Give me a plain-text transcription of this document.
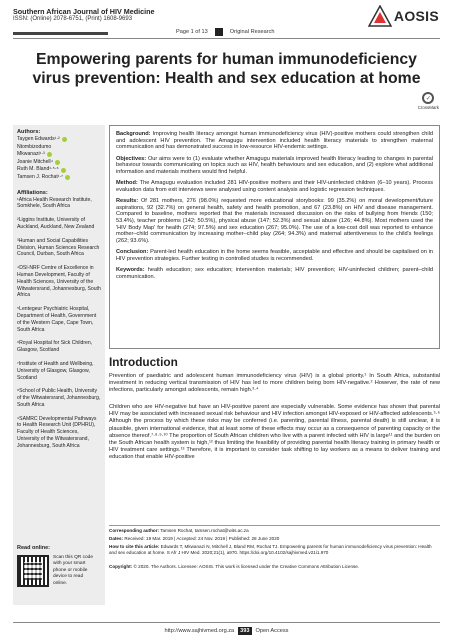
Southern African Journal of HIV Medicine
ISSN: (Online) 2078-6751, (Print) 1608-9693	AOSIS
Page 1 of 13	Original Research
Empowering parents for human immunodeficiency
virus prevention: Health and sex education at home
✓
CrossMark
Authors:
Taygen Edwards¹·²
Ntombizodumo
Mkwanazi¹·³
Joanie Mitchell⁴
Ruth M. Bland¹·⁵·⁶
Tamsen J. Rochat¹·⁷
Affiliations:
¹Africa Health Research Institute, Somkhele, South Africa
²Liggins Institute, University of Auckland, Auckland, New Zealand
³Human and Social Capabilities Division, Human Sciences Research Council, Durban, South Africa
⁴DSI-NRF Centre of Excellence in Human Development, Faculty of Health Sciences, University of the Witwatersrand, Johannesburg, South Africa
⁵Lentegeur Psychiatric Hospital, Department of Health, Government of the Western Cape, Cape Town, South Africa
⁶Royal Hospital for Sick Children, Glasgow, Scotland
⁷Institute of Health and Wellbeing, University of Glasgow, Glasgow, Scotland
⁸School of Public Health, University of the Witwatersrand, Johannesburg, South Africa
⁹SAMRC Developmental Pathways to Health Research Unit (DPHRU), Faculty of Health Sciences, University of the Witwatersrand, Johannesburg, South Africa
Read online:
Scan this QR code with your smart phone or mobile device to read online.

Background: Improving health literacy amongst human immunodeficiency virus (HIV)-positive mothers could strengthen child and adolescent HIV prevention. The Amagugu intervention included health literacy materials to strengthen maternal communication and has demonstrated success in low-resource HIV-endemic settings.

Objectives: Our aims were to (1) evaluate whether Amagugu materials improved health literacy leading to changes in parental behaviour towards communicating on topics such as HIV, health behaviours and sex education, and (2) explore what additional information and materials mothers would find helpful.

Method: The Amagugu evaluation included 281 HIV-positive mothers and their HIV-uninfected children (6–10 years). Process evaluation data from exit interviews were analysed using content analysis and logistic regression techniques.

Results: Of 281 mothers, 276 (98.0%) requested more educational storybooks: 99 (35.2%) on moral development/future aspirations, 92 (32.7%) on general health, safety and health promotion, and 67 (23.8%) on HIV and disease management. Compared to baseline, mothers reported that the materials increased discussion on the risks of bullying from friends (150; 53.4%), teacher problems (142; 50.5%), physical abuse (147; 52.3%) and sexual abuse (126; 44.8%). Most mothers used the 'HIV Body Map' for health (274; 97.5%) and sex education (267; 95.0%). The use of a low-cost doll was reported to enhance mother–child communication by increasing mother–child play (264; 94.3%) and maternal attentiveness to the child's feelings (262; 93.6%).

Conclusion: Parent-led health education in the home seems feasible, acceptable and effective and should be capitalised on in HIV prevention strategies. Further testing in controlled studies is recommended.

Keywords: health education; sex education; intervention materials; HIV prevention; HIV-uninfected children; parent–child communication.

Introduction

Prevention of paediatric and adolescent human immunodeficiency virus (HIV) is a global priority.¹ In South Africa, substantial investment in reducing vertical transmission of HIV has led to more children being born HIV-negative.² However, the rate of new infections, particularly amongst adolescents, remain high.³·⁴

Children who are HIV-negative but have an HIV-positive parent are especially vulnerable. Some evidence has shown that parental HIV may be associated with increased sexual risk behaviour and HIV infection amongst HIV-exposed or HIV-affected adolescents.⁵·⁶ Although the process by which these risks may be conferred (i.e. parenting, parental illness, parental death) is still unclear, it is plausible, given international evidence, that at least some of these effects may occur as a consequence of parenting capacity or the absence thereof.⁷·⁸·⁹·¹⁰ The proportion of South African children who live with a parent infected with HIV is large¹¹ and the burden on the South African health system is high,¹² thus limiting the feasibility of providing parental health literacy training in primary health or HIV treatment care settings.¹³ Therefore, it is important to consider task shifting to lay workers as a means to deliver training and education that enable HIV-positive

Corresponding author: Tamsen Rochat, tamsen.rochat@wits.ac.za
Dates: Received: 19 Mar. 2019 | Accepted: 24 Nov. 2019 | Published: 28 June 2020
How to cite this article: Edwards T, Mkwanazi N, Mitchell J, Bland RM, Rochat TJ. Empowering parents for human immunodeficiency virus prevention: Health and sex education at home. S Afr J HIV Med. 2020;21(1), a970. https://doi.org/10.4102/sajhivmed.v21i1.970
Copyright: © 2020. The Authors. Licensee: AOSIS. This work is licensed under the Creative Commons Attribution License.
http://www.sajhivmed.org.za	393	Open Access
